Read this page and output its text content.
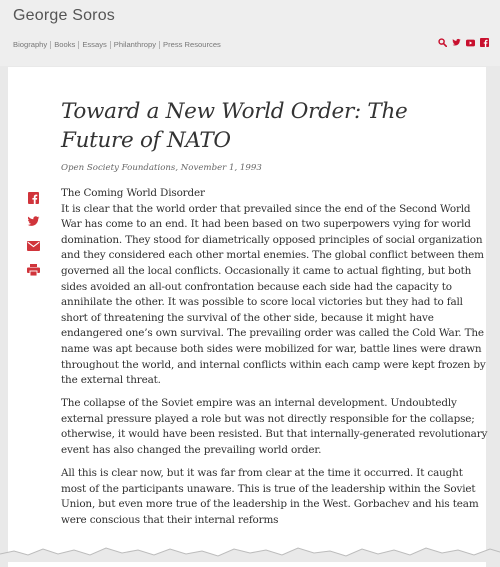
George Soros
Biography Books Essays Philanthropy Press Resources
Toward a New World Order: The Future of NATO
Open Society Foundations, November 1, 1993
The Coming World Disorder

It is clear that the world order that prevailed since the end of the Second World War has come to an end. It had been based on two superpowers vying for world domination. They stood for diametrically opposed principles of social organization and they considered each other mortal enemies. The global conflict between them governed all the local conflicts. Occasionally it came to actual fighting, but both sides avoided an all-out confrontation because each side had the capacity to annihilate the other. It was possible to score local victories but they had to fall short of threatening the survival of the other side, because it might have endangered one’s own survival. The prevailing order was called the Cold War. The name was apt because both sides were mobilized for war, battle lines were drawn throughout the world, and internal conflicts within each camp were kept frozen by the external threat.

The collapse of the Soviet empire was an internal development. Undoubtedly external pressure played a role but was not directly responsible for the collapse; otherwise, it would have been resisted. But that internally-generated revolutionary event has also changed the prevailing world order.

All this is clear now, but it was far from clear at the time it occurred. It caught most of the participants unaware. This is true of the leadership within the Soviet Union, but even more true of the leadership in the West. Gorbachev and his team were conscious that their internal reforms
